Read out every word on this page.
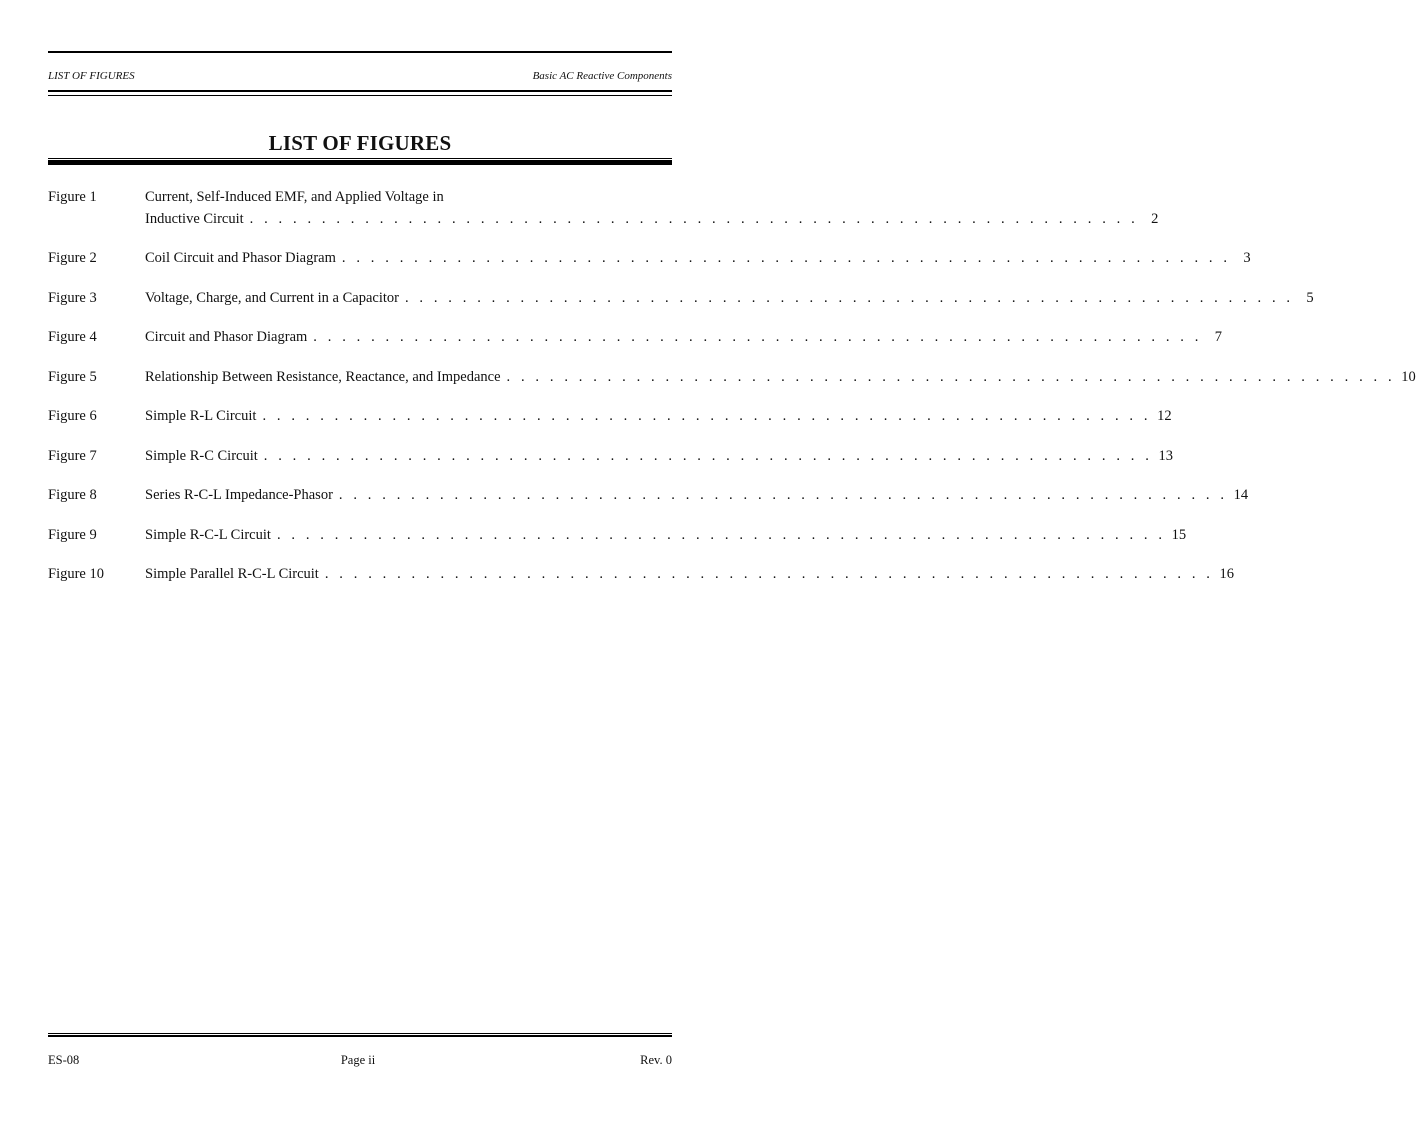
LIST OF FIGURES	Basic AC Reactive Components
LIST OF FIGURES
Figure 1	Current, Self-Induced EMF, and Applied Voltage in
Inductive Circuit . . . . . . . . . . . . . . . . . . . . . . . . . . . . . . . . . . . . . . . . . . . . . . . . . . . . . . . . . . . . . . 2
Figure 2	Coil Circuit and Phasor Diagram . . . . . . . . . . . . . . . . . . . . . . . . . . . . . . . . . . . . . . . . . . . . . . . . . . . . . . . . . . . . . . 3
Figure 3	Voltage, Charge, and Current in a Capacitor . . . . . . . . . . . . . . . . . . . . . . . . . . . . . . . . . . . . . . . . . . . . . . . . . . . . . . . . . . . . . . 5
Figure 4	Circuit and Phasor Diagram . . . . . . . . . . . . . . . . . . . . . . . . . . . . . . . . . . . . . . . . . . . . . . . . . . . . . . . . . . . . . . 7
Figure 5	Relationship Between Resistance, Reactance, and Impedance . . . . . . . . . . . . . . . . . . . . . . . . . . . . . . . . . . . . . . . . . . . . . . . . . . . . . . . . . . . . . . 10
Figure 6	Simple R-L Circuit . . . . . . . . . . . . . . . . . . . . . . . . . . . . . . . . . . . . . . . . . . . . . . . . . . . . . . . . . . . . . . 12
Figure 7	Simple R-C Circuit . . . . . . . . . . . . . . . . . . . . . . . . . . . . . . . . . . . . . . . . . . . . . . . . . . . . . . . . . . . . . . 13
Figure 8	Series R-C-L Impedance-Phasor . . . . . . . . . . . . . . . . . . . . . . . . . . . . . . . . . . . . . . . . . . . . . . . . . . . . . . . . . . . . . . 14
Figure 9	Simple R-C-L Circuit . . . . . . . . . . . . . . . . . . . . . . . . . . . . . . . . . . . . . . . . . . . . . . . . . . . . . . . . . . . . . . 15
Figure 10	Simple Parallel R-C-L Circuit . . . . . . . . . . . . . . . . . . . . . . . . . . . . . . . . . . . . . . . . . . . . . . . . . . . . . . . . . . . . . . 16
ES-08	Page ii	Rev. 0
